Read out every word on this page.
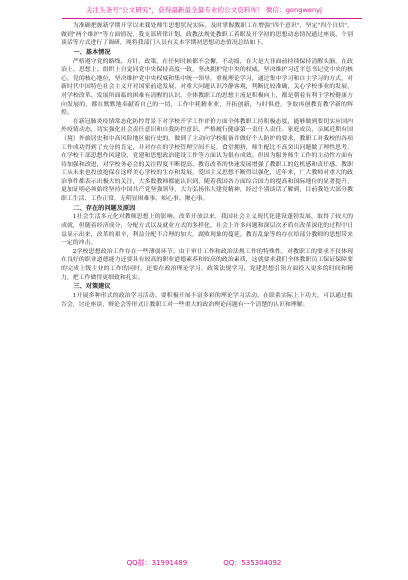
关注头条号"公文研究"，获得最新最全最专业的公文资料库！ 微信：gongwenyj

为准确把握新学期开学以来我处师生思想状况实际，及时掌握教职工在增强"四个意识"，坚定"四个自信"，做到"两个维护"等方面情况，我支部班律计划，政教法规处教职工着眼及开学初的思想动态情况通过座谈、个别谈话等方式进行了调研，现将我部门人员有关本学期初思想动态情况总结如下。

一、基本情况

严格遵守党的路线、方针、政策，在任何时候都不会懈，不动摇，在大是大非面前持续保持清醒头脑，在政治上、思想上、组织上自觉同党中央保持高度一致，坚决拥护党中央的权威，坚决维护习近平总书记党中央的核心，党的核心地位，坚决维护党中央权威和集中统一领导，重视理论学习，通过集中学习和自主学习的方式，对新时代中国特色社会主义开对国家前途发展，对重大问题认识冷静客观，判断比较准确，关心学校事业的发展，对学校改革、发展所面临的困难有清醒的认识，全体教职工的思想主流是积极向上，都是朝着有利于学校健康方向发展的，都在默默地奉献着自己的一切，工作中耗精业业，开拓创新，与时俱进，争取再创教育教学新的辉煌。

在新冠肺炎疫情常态化防控背景下对学校开学工作评价方面全体教职工持积极态度，能够做到要切实应国内外疫情动态，切实强化社会责任意识和自我防控意识，严格履行健康第一责任人责任。家庭成员，亲属近期有国（境）外旅居史和中高风险地区旅行史的，做到了主动向学校报备并做好个人防护的要求，教职工对我校的各项工作成功得到了充分的肯定，并对存在的学校管理空间不足，食堂拥挤，师生配比不高突出问题做了理性思考，在学校干部思想作风建设，党建和思想政治建设工作等方面认为很有成效。但因为服务师生工作的主动性方面有待加强和改进，对学校务必会的关注程度不断提高，教育改革的快速发展增强了教职工的危机感和责任感，教职工从未来也投放抢保在这样美心学校的生存和发展，爱国主义思想不断得以强化，近年来，广大教师对重大的政治事件都表示出极大的关注，大多数教师都能认识到，随着我国各方面综合国力的提高和国际地位的显著提升，更加证明必须始终坚持中国共产党坚强领导，大力弘扬伟大建党精神，经过个别谈话了解到，目前我处大部分教职工生活、工作正常，无明显困难事、烦心事、揪心事。

二、存在的问题及原因

1社会生活多元化对教师思想上的影响。改革开放以来，我国社会主义现代化建设蓬勃发展，取得了较大的成就，但随着经济成分，分配方式以及就业方式的多样化，社会上许多问题和深层次矛盾在改革深化的过程中日益显示出来，改革的艰辛，利益分配不合理的加大，腐败现象的蔓延，教育乱象等的存在给部分教师的思想带来一定的冲击。

2学校思想政治工作存在一些薄弱环节。由于审计工作和政治法规工作的特殊性，对教职工的要求不仅体现在良好的职业道德能力还要具有较高的职业道德素养和较高的政治素质，这就要求我们全体教职员工保证保障要的完成上级主业的工作的同时，还要在政治理论学习，政策法规学习，党建思想引领方面投入更多的时间和精力，把工作做得更细致和扎实。

三、对策建议

1开展多种形式的政治学习活动。要积极开展丰富多彩的理论学习活动。在联系实际上下功夫，可以通过报告会，讨论座谈，辩论会等形式让教职工对一些重大的政治理论问题有一个清楚的认识和理解。

QQ群：31991489	QQ：535304092
